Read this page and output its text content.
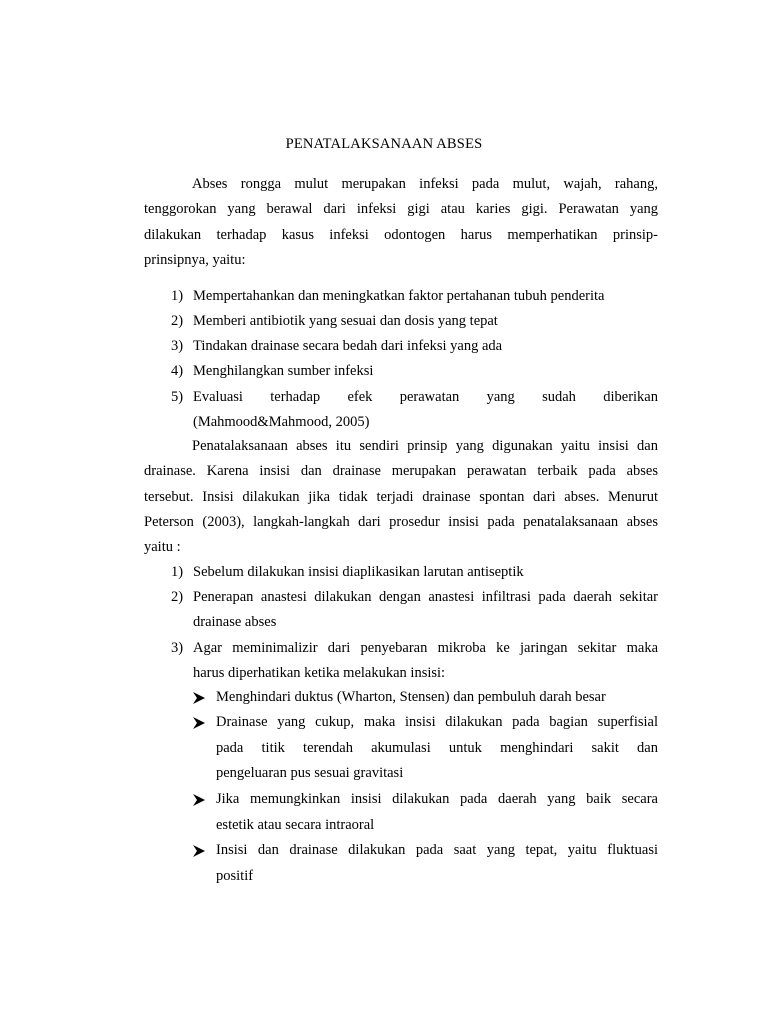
PENATALAKSANAAN ABSES
Abses rongga mulut merupakan infeksi pada mulut, wajah, rahang,
tenggorokan yang berawal dari infeksi gigi atau karies gigi. Perawatan yang
dilakukan terhadap kasus infeksi odontogen harus memperhatikan prinsip-
prinsipnya, yaitu:
1) Mempertahankan dan meningkatkan faktor pertahanan tubuh penderita
2) Memberi antibiotik yang sesuai dan dosis yang tepat
3) Tindakan drainase secara bedah dari infeksi yang ada
4) Menghilangkan sumber infeksi
5) Evaluasi terhadap efek perawatan yang sudah diberikan
(Mahmood&Mahmood, 2005)
Penatalaksanaan abses itu sendiri prinsip yang digunakan yaitu insisi dan
drainase. Karena insisi dan drainase merupakan perawatan terbaik pada abses
tersebut. Insisi dilakukan jika tidak terjadi drainase spontan dari abses. Menurut
Peterson (2003), langkah-langkah dari prosedur insisi pada penatalaksanaan abses
yaitu :
1) Sebelum dilakukan insisi diaplikasikan larutan antiseptik
2) Penerapan anastesi dilakukan dengan anastesi infiltrasi pada daerah sekitar
drainase abses
3) Agar meminimalizir dari penyebaran mikroba ke jaringan sekitar maka
harus diperhatikan ketika melakukan insisi:
Menghindari duktus (Wharton, Stensen) dan pembuluh darah besar
Drainase yang cukup, maka insisi dilakukan pada bagian superfisial
pada titik terendah akumulasi untuk menghindari sakit dan
pengeluaran pus sesuai gravitasi
Jika memungkinkan insisi dilakukan pada daerah yang baik secara
estetik atau secara intraoral
Insisi dan drainase dilakukan pada saat yang tepat, yaitu fluktuasi
positif
